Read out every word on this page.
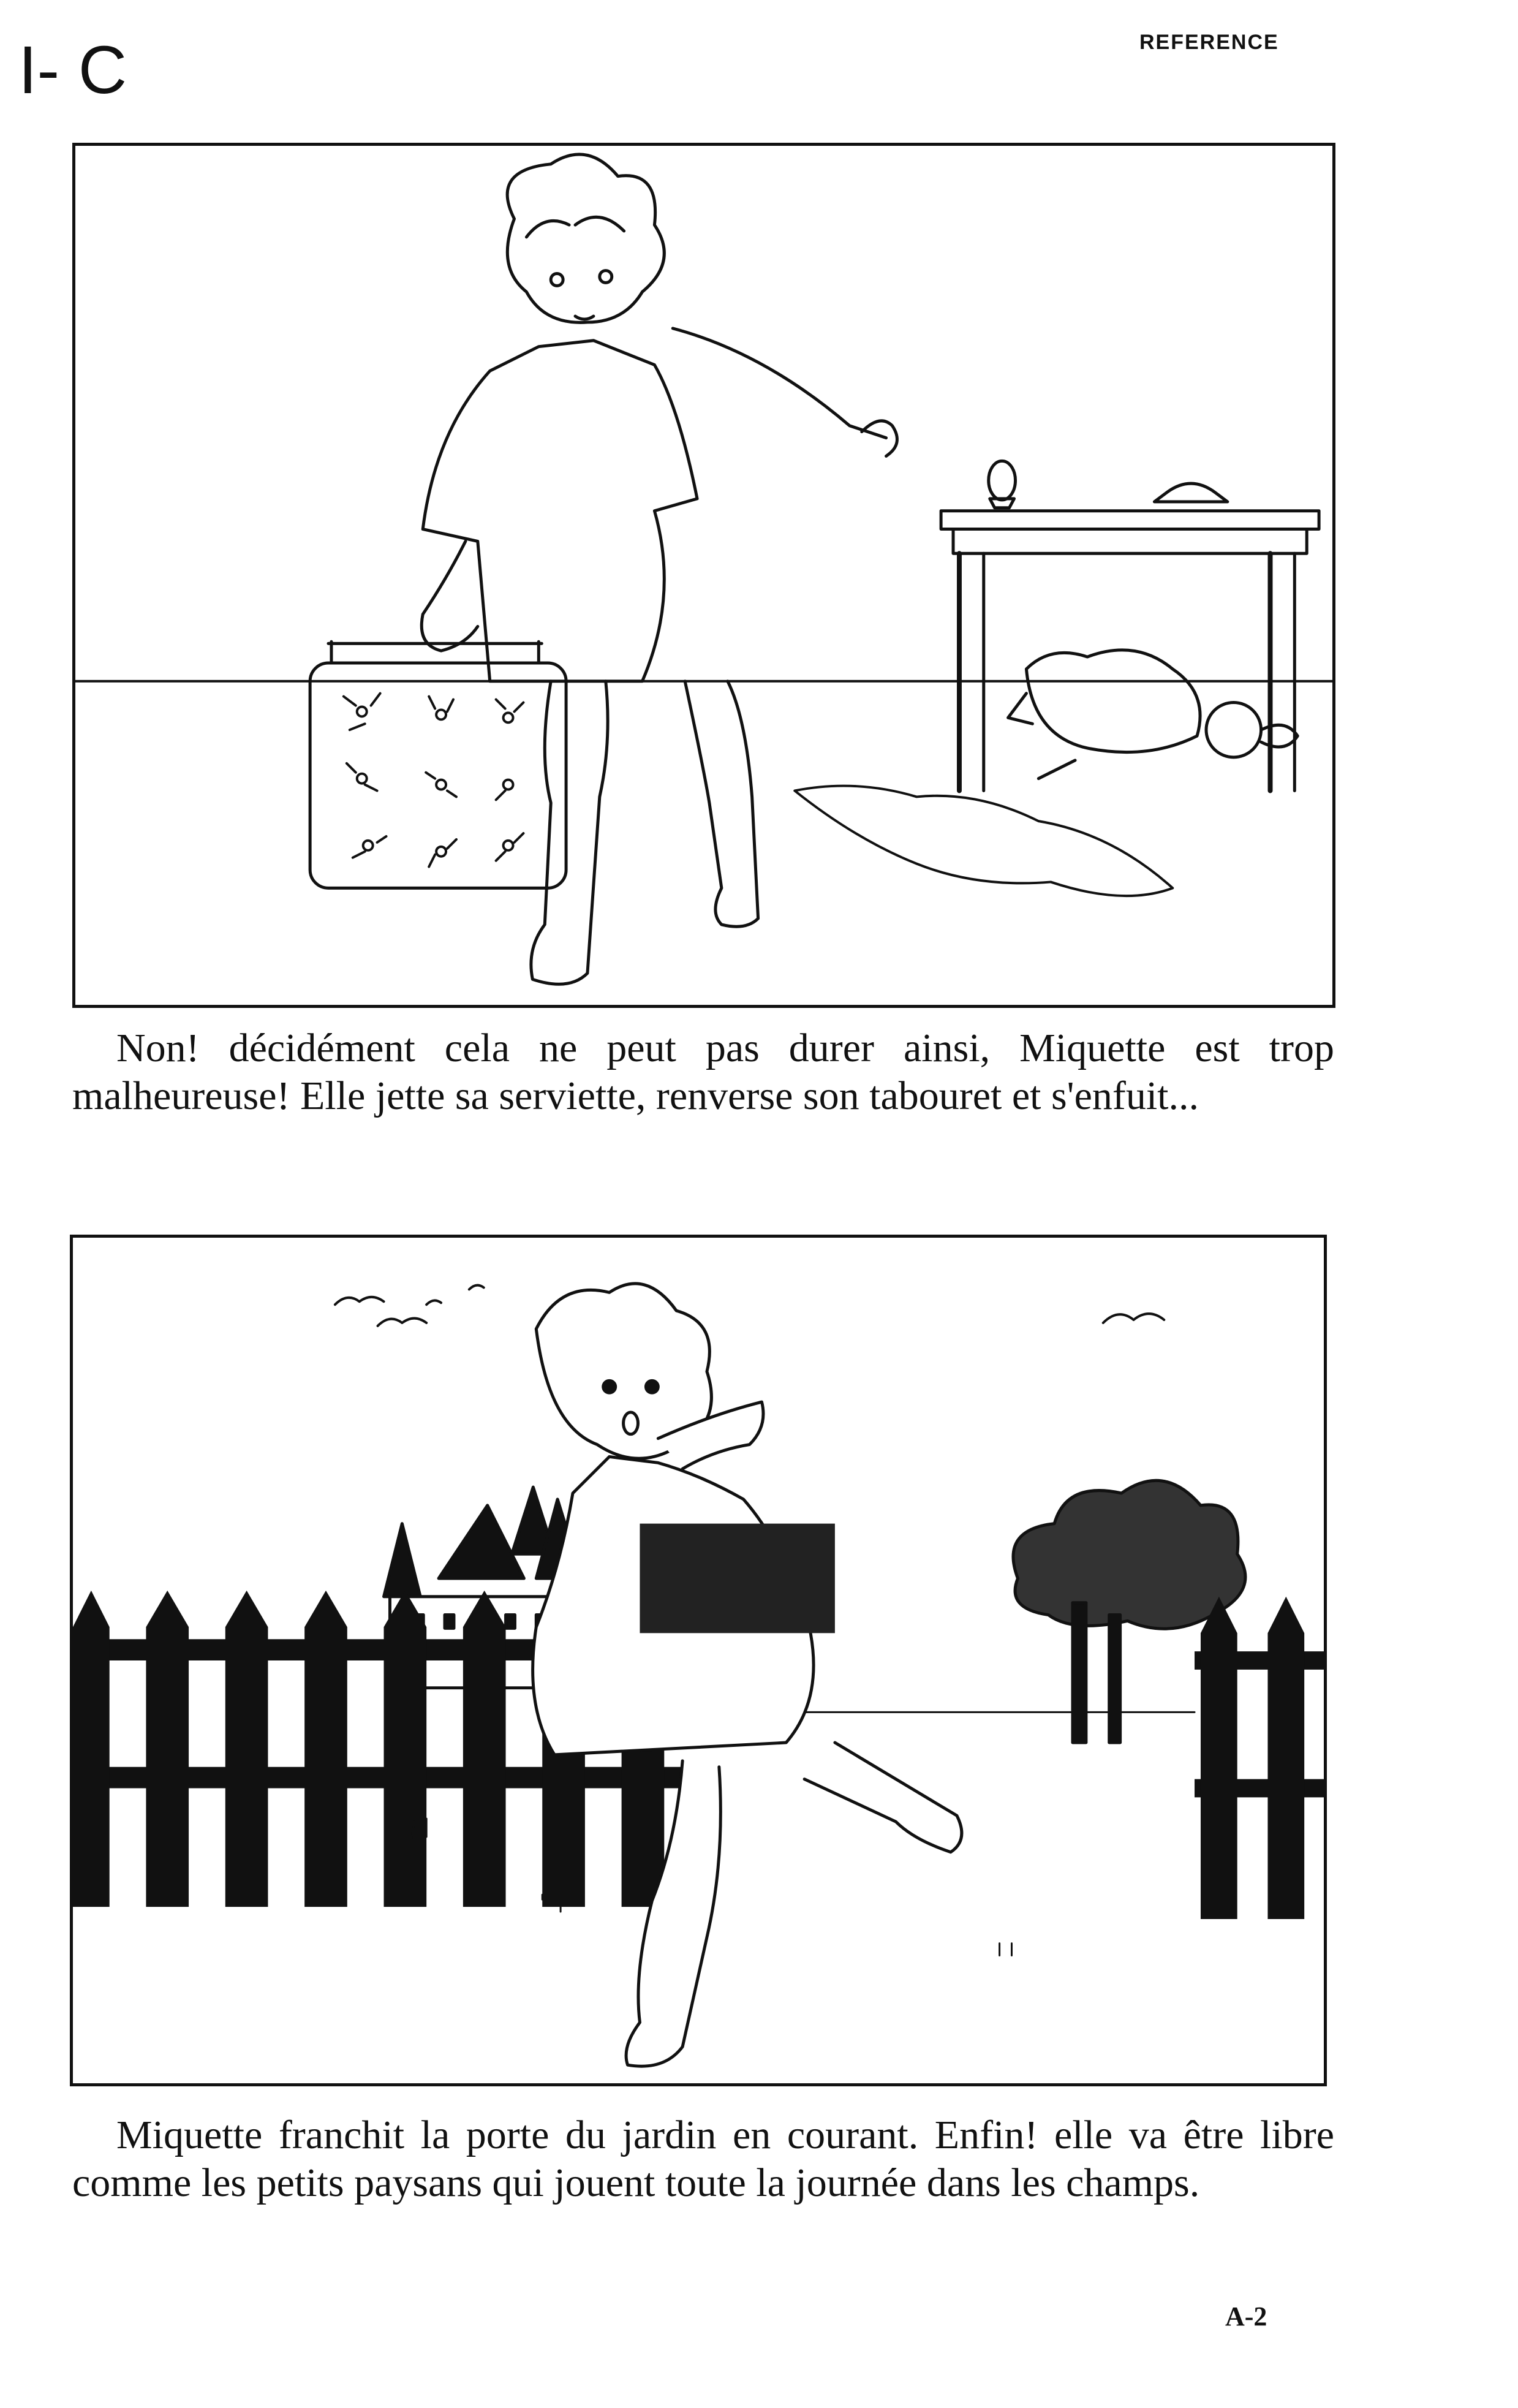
I- C	REFERENCE
Non! décidément cela ne peut pas durer ainsi, Miquette est trop malheureuse! Elle jette sa serviette, renverse son tabouret et s'enfuit...
Miquette franchit la porte du jardin en courant. Enfin! elle va être libre comme les petits paysans qui jouent toute la journée dans les champs.
A-2
